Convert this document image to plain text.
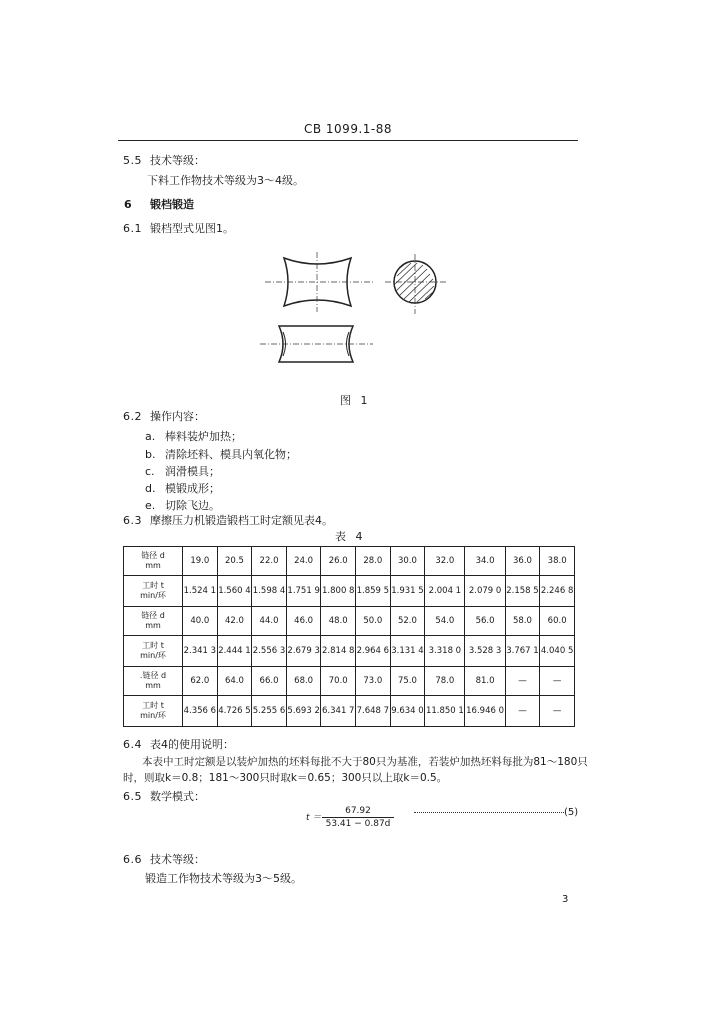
CB 1099.1-88
5.5 技术等级：
下料工作物技术等级为3～4级。
6 锻档锻造
6.1 锻档型式见图1。
图 1
6.2 操作内容：
a. 棒料装炉加热；
b. 清除坯料、模具内氧化物；
c. 润滑模具；
d. 模锻成形；
e. 切除飞边。
6.3 摩擦压力机锻造锻档工时定额见表4。
表 4
链径 d
mm	19.0	20.5	22.0	24.0	26.0	28.0	30.0	32.0	34.0	36.0	38.0
工时 t
min/环	1.524 1	1.560 4	1.598 4	1.751 9	1.800 8	1.859 5	1.931 5	2.004 1	2.079 0	2.158 5	2.246 8
链径 d
mm	40.0	42.0	44.0	46.0	48.0	50.0	52.0	54.0	56.0	58.0	60.0
工时 t
min/环	2.341 3	2.444 1	2.556 3	2.679 3	2.814 8	2.964 6	3.131 4	3.318 0	3.528 3	3.767 1	4.040 5
.链径 d
mm	62.0	64.0	66.0	68.0	70.0	73.0	75.0	78.0	81.0	—	—
工时 t
min/环	4.356 6	4.726 5	5.255 6	5.693 2	6.341 7	7.648 7	9.634 0	11.850 1	16.946 0	—	—
6.4 表4的使用说明：
本表中工时定额是以装炉加热的坯料每批不大于80只为基准，若装炉加热坯料每批为81～180只
时，则取k＝0.8；181～300只时取k＝0.65；300只以上取k＝0.5。
6.5 数学模式：
t ＝
67.92
53.41 − 0.87d
(5)
6.6 技术等级：
锻造工作物技术等级为3～5级。
3
